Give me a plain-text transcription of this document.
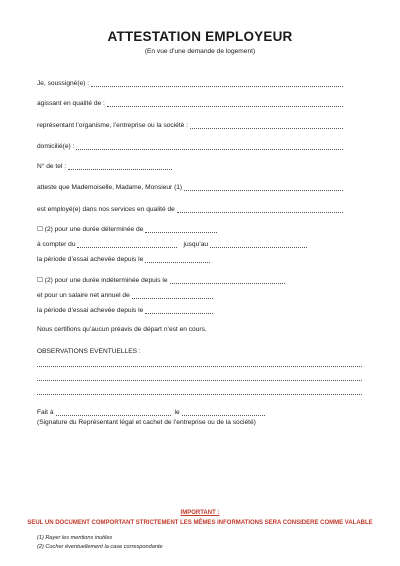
ATTESTATION EMPLOYEUR
(En vue d’une demande de logement)
Je, soussigné(e) :
agissant en qualité de :
représentant l’organisme, l’entreprise ou la société :
domicilié(e) :
N° de tel :
atteste que Mademoiselle, Madame, Monsieur (1)
est employé(e) dans nos services en qualité de
☐ (2) pour une durée déterminée de
à compter du	jusqu’au
la période d’essai achevée depuis le
☐ (2) pour une durée indéterminée depuis le
et pour un salaire net annuel de
la période d’essai achevée depuis le
Nous certifions qu’aucun préavis de départ n’est en cours.
OBSERVATIONS EVENTUELLES :
Fait à	le
(Signature du Représentant légal et cachet de l’entreprise ou de la société)
IMPORTANT :
SEUL UN DOCUMENT COMPORTANT STRICTEMENT LES MÊMES INFORMATIONS SERA CONSIDERE COMME VALABLE
(1) Rayer les mentions inutiles
(2) Cocher éventuellement la case correspondante
